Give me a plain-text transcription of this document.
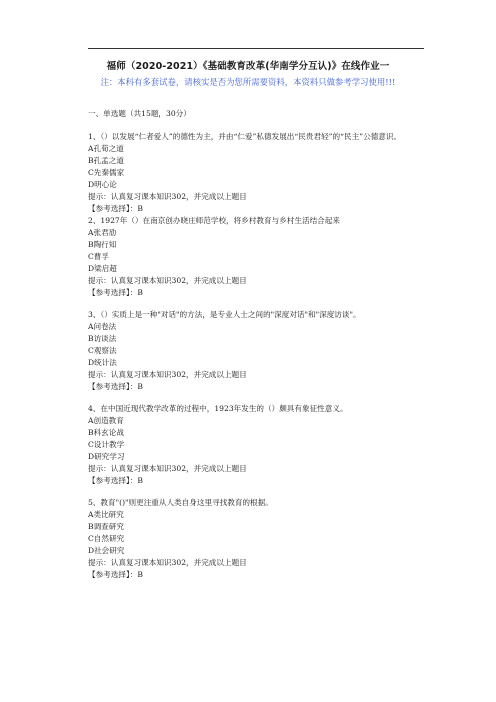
福师（2020-2021）《基础教育改革(华南学分互认)》在线作业一
注：本科有多套试卷，请核实是否为您所需要资料，本资料只做参考学习使用!!!
一、单选题（共15题，30分）
1、（）以发展“仁者爱人”的德性为主，并由“仁爱”私德发展出“民贵君轻”的“民主”公德意识。
A孔荀之道
B孔孟之道
C先秦儒家
D明心论
提示：认真复习课本知识302，并完成以上题目
【参考选择】：B
2、1927年（）在南京创办晓庄师范学校，将乡村教育与乡村生活结合起来
A张君劢
B陶行知
C曹孚
D梁启超
提示：认真复习课本知识302，并完成以上题目
【参考选择】：B
3、（）实质上是一种"对话"的方法，是专业人士之间的"深度对话"和"深度访谈"。
A问卷法
B访谈法
C观察法
D统计法
提示：认真复习课本知识302，并完成以上题目
【参考选择】：B
4、在中国近现代教学改革的过程中，1923年发生的（）颇具有象征性意义。
A创造教育
B科玄论战
C设计教学
D研究学习
提示：认真复习课本知识302，并完成以上题目
【参考选择】：B
5、教育"()"则更注重从人类自身这里寻找教育的根据。
A类比研究
B调查研究
C自然研究
D社会研究
提示：认真复习课本知识302，并完成以上题目
【参考选择】：B
